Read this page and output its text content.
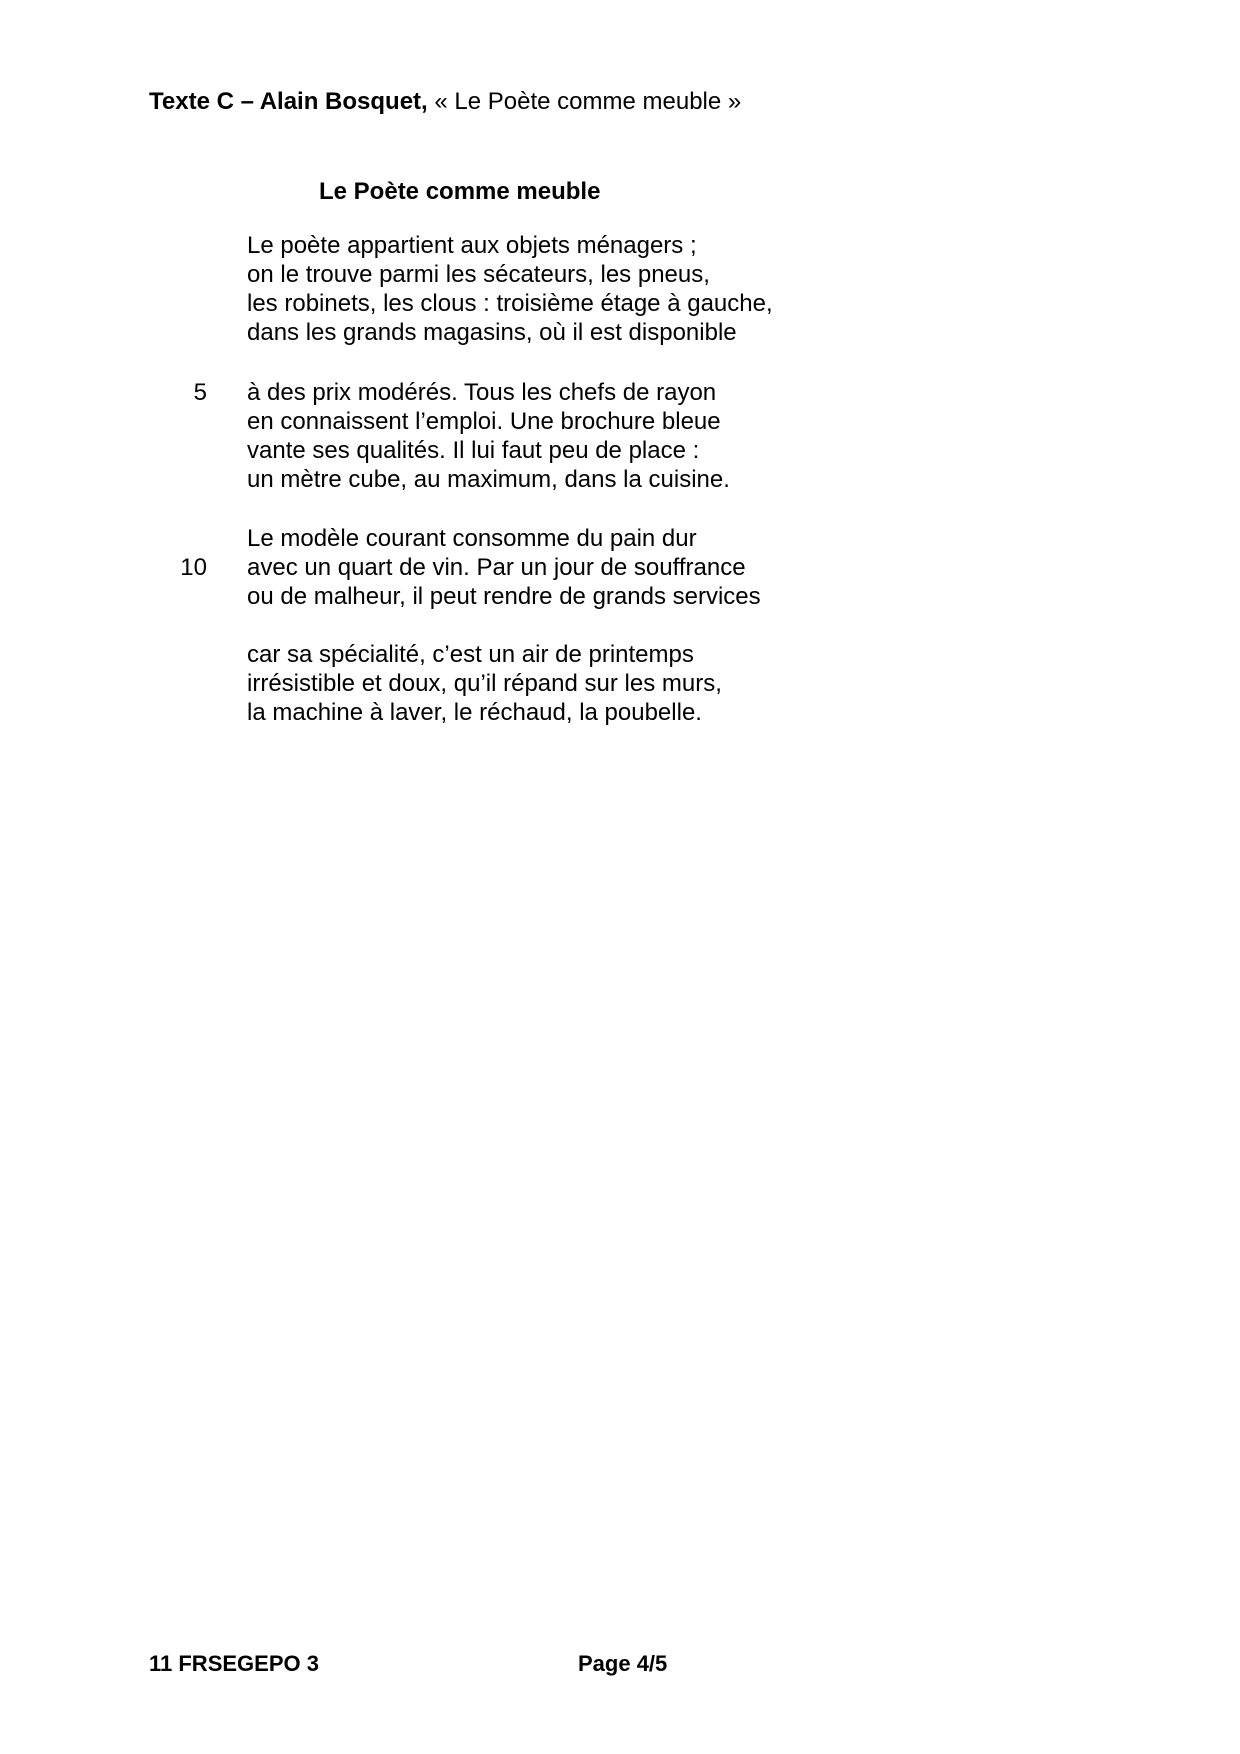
Texte C – Alain Bosquet, « Le Poète comme meuble »
Le Poète comme meuble
Le poète appartient aux objets ménagers ;
on le trouve parmi les sécateurs, les pneus,
les robinets, les clous : troisième étage à gauche,
dans les grands magasins, où il est disponible
5 à des prix modérés. Tous les chefs de rayon
en connaissent l’emploi. Une brochure bleue
vante ses qualités. Il lui faut peu de place :
un mètre cube, au maximum, dans la cuisine.
10
Le modèle courant consomme du pain dur
avec un quart de vin. Par un jour de souffrance
ou de malheur, il peut rendre de grands services
car sa spécialité, c’est un air de printemps
irrésistible et doux, qu’il répand sur les murs,
la machine à laver, le réchaud, la poubelle.
11 FRSEGEPO 3	Page 4/5
